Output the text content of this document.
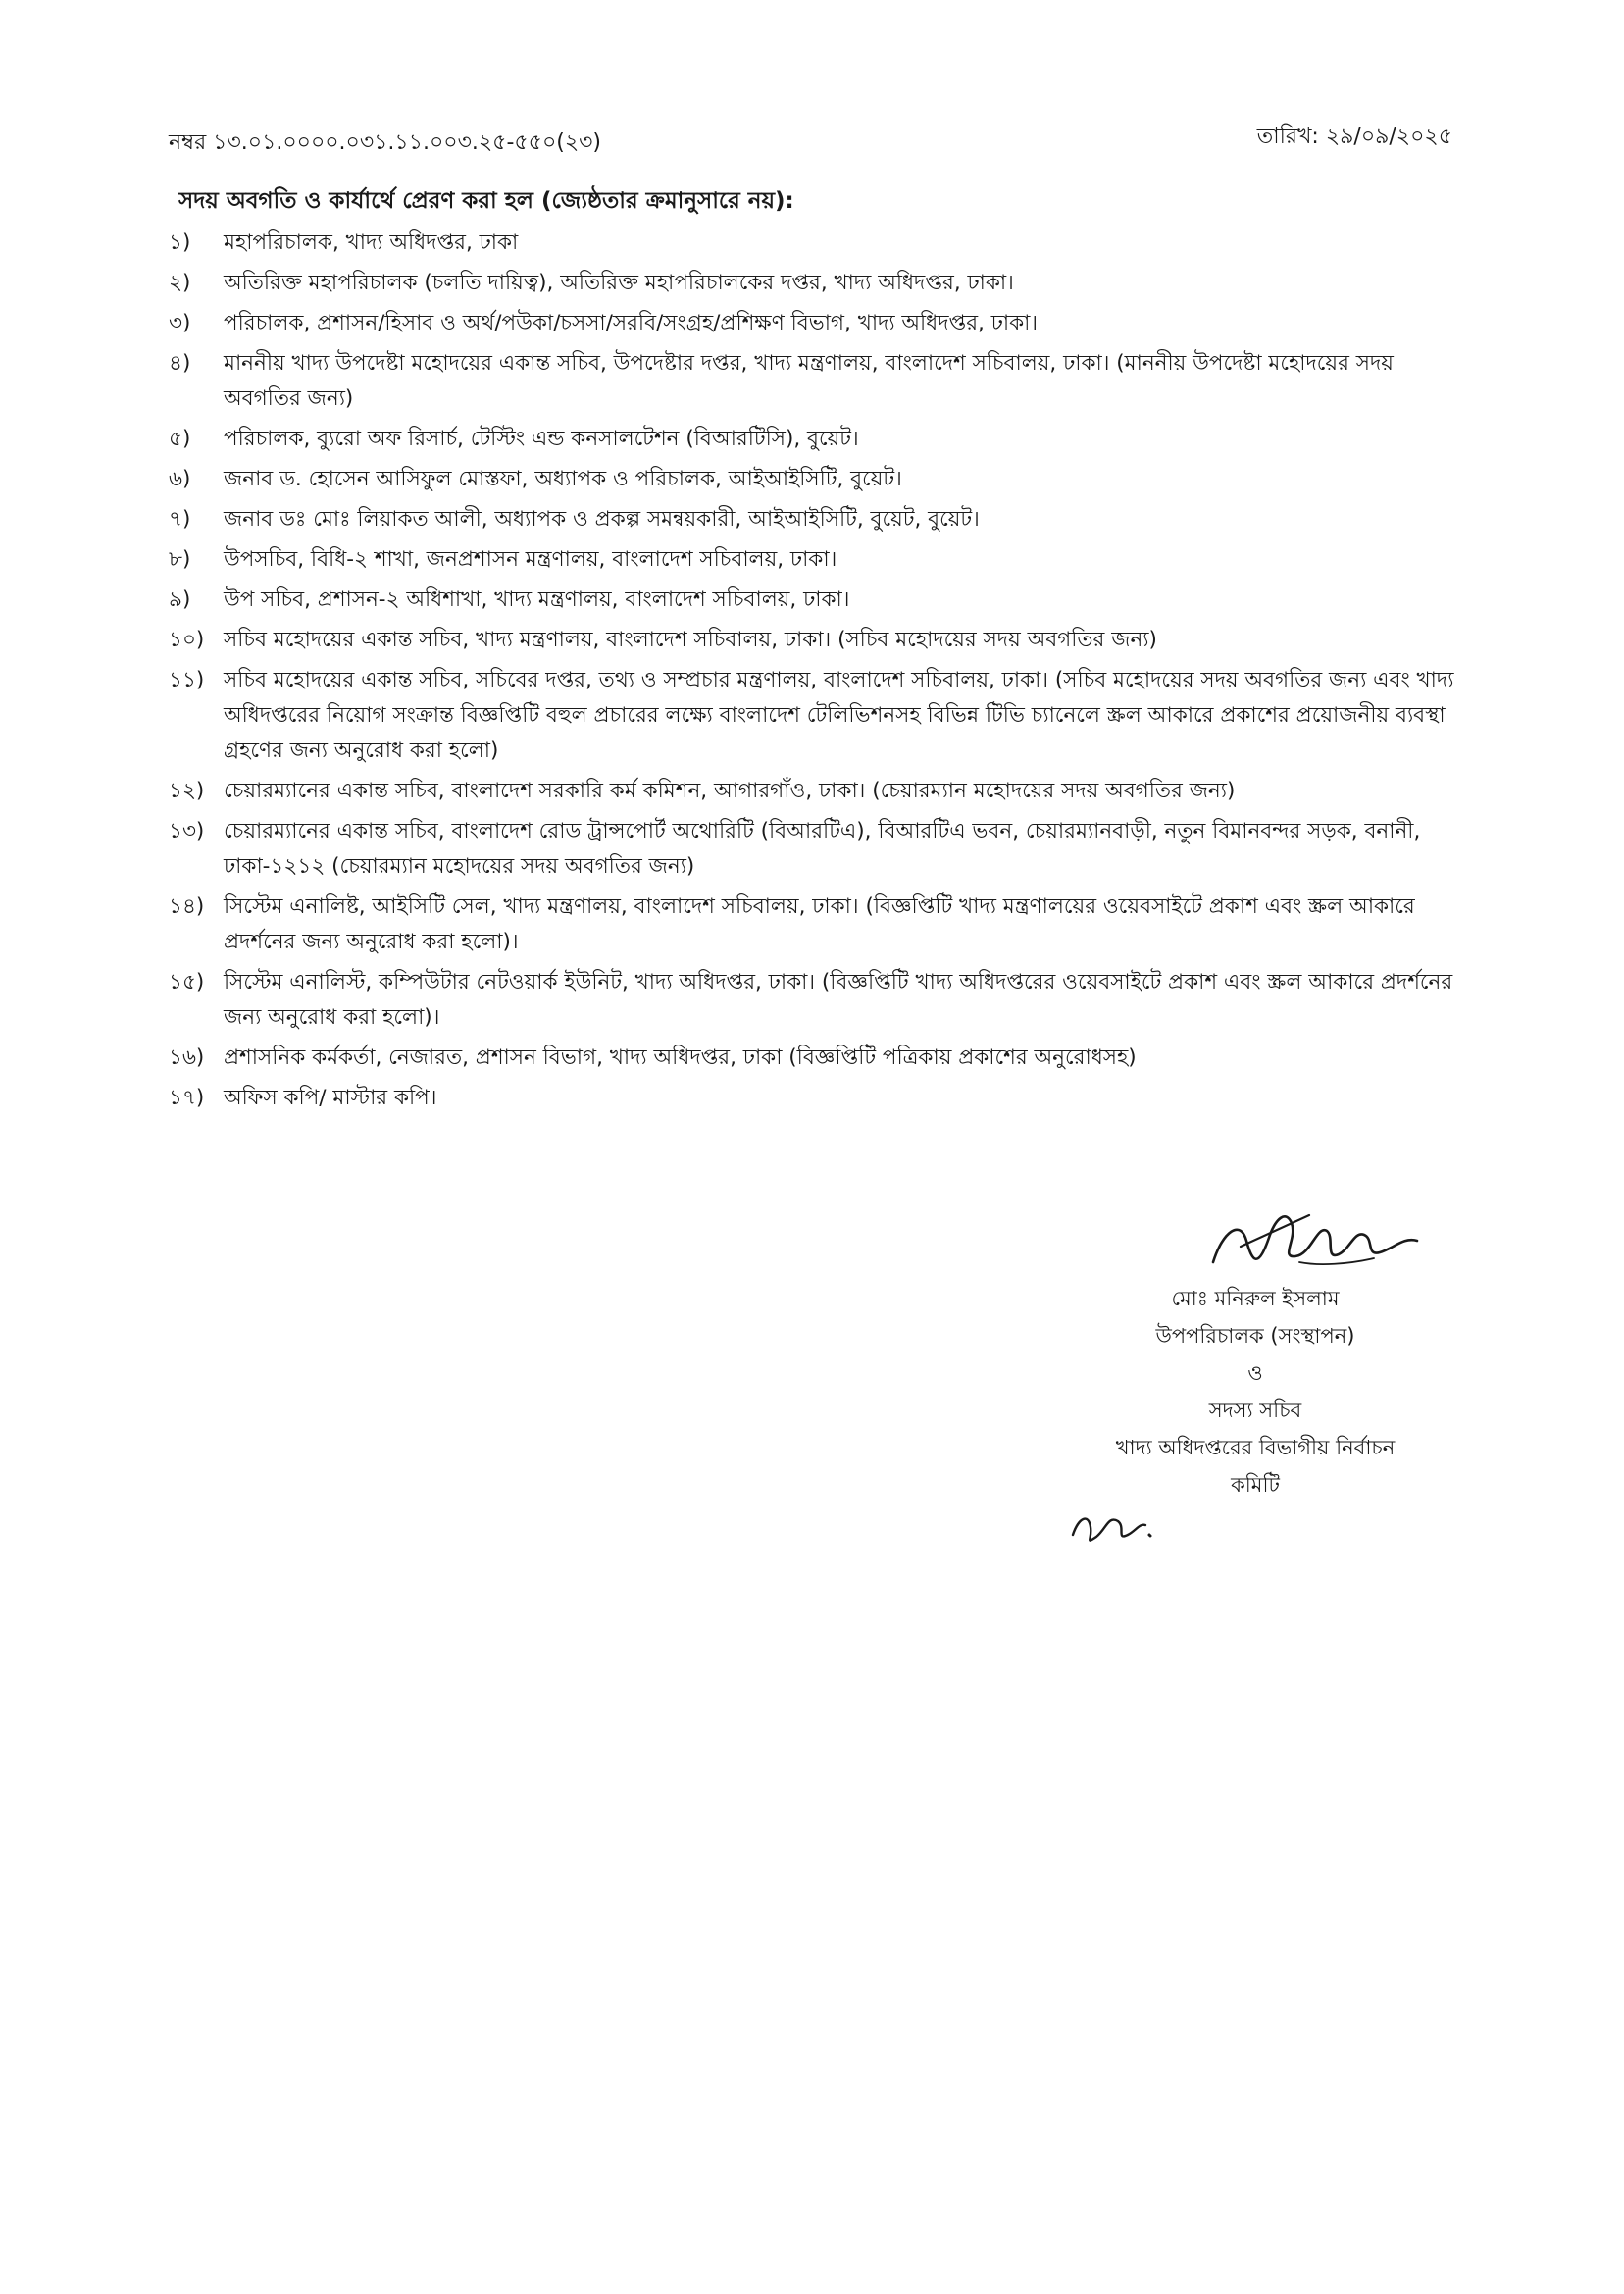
নম্বর ১৩.০১.০০০০.০৩১.১১.০০৩.২৫-৫৫০(২৩)	তারিখ: ২৯/০৯/২০২৫
সদয় অবগতি ও কার্যার্থে প্রেরণ করা হল (জ্যেষ্ঠতার ক্রমানুসারে নয়):
১)	মহাপরিচালক, খাদ্য অধিদপ্তর, ঢাকা
২)	অতিরিক্ত মহাপরিচালক (চলতি দায়িত্ব), অতিরিক্ত মহাপরিচালকের দপ্তর, খাদ্য অধিদপ্তর, ঢাকা।
৩)	পরিচালক, প্রশাসন/হিসাব ও অর্থ/পউকা/চসসা/সরবি/সংগ্রহ/প্রশিক্ষণ বিভাগ, খাদ্য অধিদপ্তর, ঢাকা।
৪)	মাননীয় খাদ্য উপদেষ্টা মহোদয়ের একান্ত সচিব, উপদেষ্টার দপ্তর, খাদ্য মন্ত্রণালয়, বাংলাদেশ সচিবালয়, ঢাকা। (মাননীয় উপদেষ্টা মহোদয়ের সদয় অবগতির জন্য)
৫)	পরিচালক, ব্যুরো অফ রিসার্চ, টেস্টিং এন্ড কনসালটেশন (বিআরটিসি), বুয়েট।
৬)	জনাব ড. হোসেন আসিফুল মোস্তফা, অধ্যাপক ও পরিচালক, আইআইসিটি, বুয়েট।
৭)	জনাব ডঃ মোঃ লিয়াকত আলী, অধ্যাপক ও প্রকল্প সমন্বয়কারী, আইআইসিটি, বুয়েট, বুয়েট।
৮)	উপসচিব, বিধি-২ শাখা, জনপ্রশাসন মন্ত্রণালয়, বাংলাদেশ সচিবালয়, ঢাকা।
৯)	উপ সচিব, প্রশাসন-২ অধিশাখা, খাদ্য মন্ত্রণালয়, বাংলাদেশ সচিবালয়, ঢাকা।
১০) সচিব মহোদয়ের একান্ত সচিব, খাদ্য মন্ত্রণালয়, বাংলাদেশ সচিবালয়, ঢাকা। (সচিব মহোদয়ের সদয় অবগতির জন্য)
১১) সচিব মহোদয়ের একান্ত সচিব, সচিবের দপ্তর, তথ্য ও সম্প্রচার মন্ত্রণালয়, বাংলাদেশ সচিবালয়, ঢাকা। (সচিব মহোদয়ের সদয় অবগতির জন্য এবং খাদ্য অধিদপ্তরের নিয়োগ সংক্রান্ত বিজ্ঞপ্তিটি বহুল প্রচারের লক্ষ্যে বাংলাদেশ টেলিভিশনসহ বিভিন্ন টিভি চ্যানেলে স্ক্রল আকারে প্রকাশের প্রয়োজনীয় ব্যবস্থা গ্রহণের জন্য অনুরোধ করা হলো)
১২) চেয়ারম্যানের একান্ত সচিব, বাংলাদেশ সরকারি কর্ম কমিশন, আগারগাঁও, ঢাকা। (চেয়ারম্যান মহোদয়ের সদয় অবগতির জন্য)
১৩) চেয়ারম্যানের একান্ত সচিব, বাংলাদেশ রোড ট্রান্সপোর্ট অথোরিটি (বিআরটিএ), বিআরটিএ ভবন, চেয়ারম্যানবাড়ী, নতুন বিমানবন্দর সড়ক, বনানী, ঢাকা-১২১২ (চেয়ারম্যান মহোদয়ের সদয় অবগতির জন্য)
১৪) সিস্টেম এনালিষ্ট, আইসিটি সেল, খাদ্য মন্ত্রণালয়, বাংলাদেশ সচিবালয়, ঢাকা। (বিজ্ঞপ্তিটি খাদ্য মন্ত্রণালয়ের ওয়েবসাইটে প্রকাশ এবং স্ক্রল আকারে প্রদর্শনের জন্য অনুরোধ করা হলো)।
১৫) সিস্টেম এনালিস্ট, কম্পিউটার নেটওয়ার্ক ইউনিট, খাদ্য অধিদপ্তর, ঢাকা। (বিজ্ঞপ্তিটি খাদ্য অধিদপ্তরের ওয়েবসাইটে প্রকাশ এবং স্ক্রল আকারে প্রদর্শনের জন্য অনুরোধ করা হলো)।
১৬) প্রশাসনিক কর্মকর্তা, নেজারত, প্রশাসন বিভাগ, খাদ্য অধিদপ্তর, ঢাকা (বিজ্ঞপ্তিটি পত্রিকায় প্রকাশের অনুরোধসহ)
১৭) অফিস কপি/ মাস্টার কপি।
মোঃ মনিরুল ইসলাম
উপপরিচালক (সংস্থাপন)
ও
সদস্য সচিব
খাদ্য অধিদপ্তরের বিভাগীয় নির্বাচন
কমিটি
